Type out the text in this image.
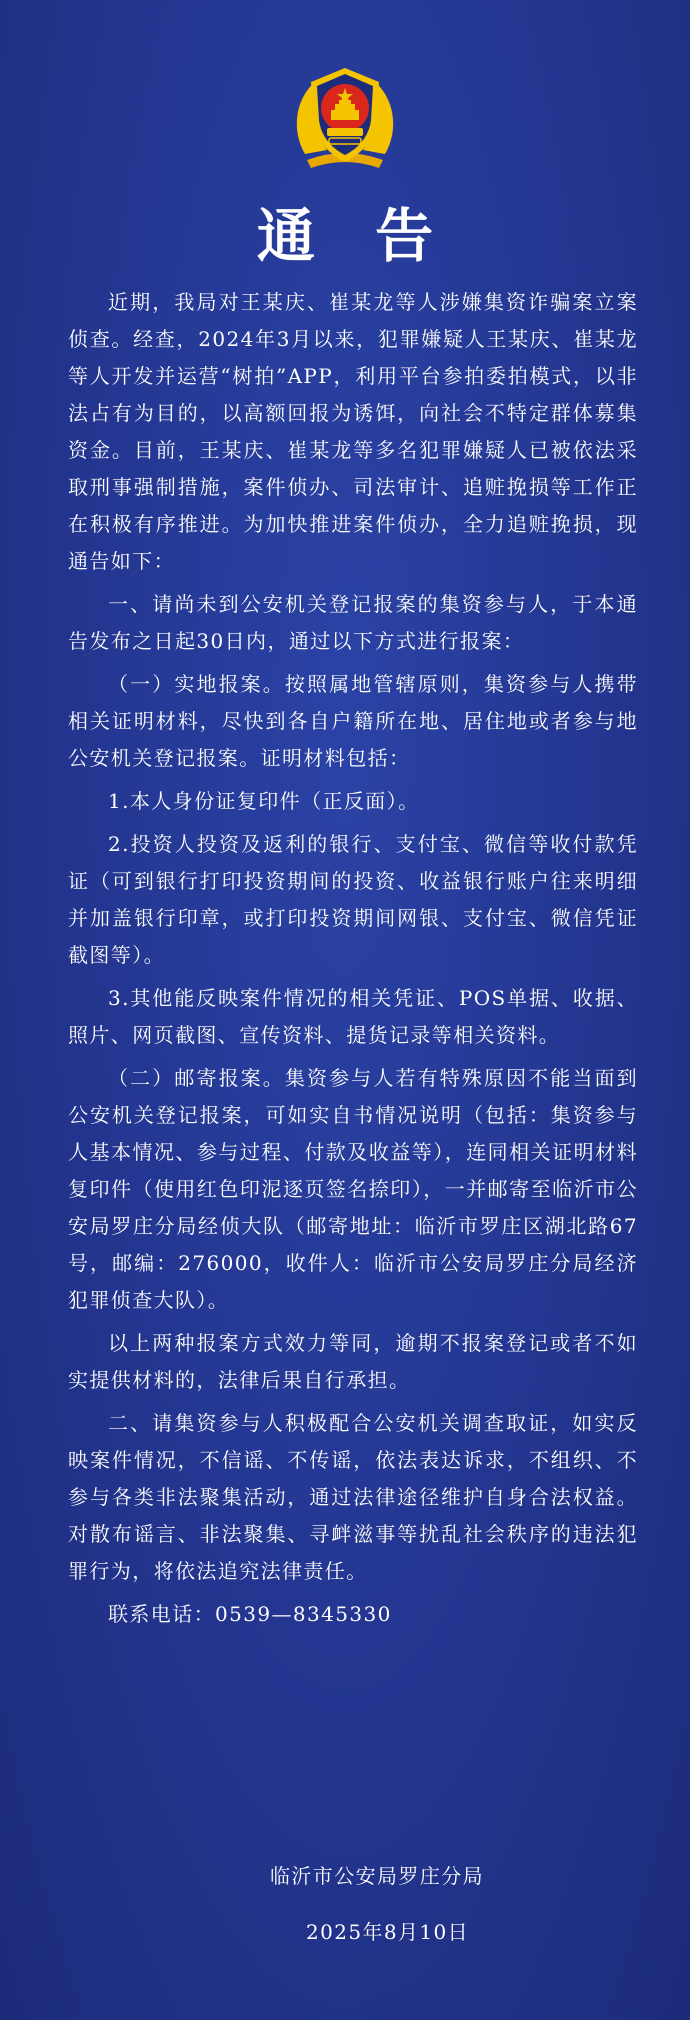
通 告

近期，我局对王某庆、崔某龙等人涉嫌集资诈骗案立案侦查。经查，2024年3月以来，犯罪嫌疑人王某庆、崔某龙等人开发并运营“树拍”APP，利用平台参拍委拍模式，以非法占有为目的，以高额回报为诱饵，向社会不特定群体募集资金。目前，王某庆、崔某龙等多名犯罪嫌疑人已被依法采取刑事强制措施，案件侦办、司法审计、追赃挽损等工作正在积极有序推进。为加快推进案件侦办，全力追赃挽损，现通告如下：

一、请尚未到公安机关登记报案的集资参与人，于本通告发布之日起30日内，通过以下方式进行报案：

（一）实地报案。按照属地管辖原则，集资参与人携带相关证明材料，尽快到各自户籍所在地、居住地或者参与地公安机关登记报案。证明材料包括：

1.本人身份证复印件（正反面）。

2.投资人投资及返利的银行、支付宝、微信等收付款凭证（可到银行打印投资期间的投资、收益银行账户往来明细并加盖银行印章，或打印投资期间网银、支付宝、微信凭证截图等）。

3.其他能反映案件情况的相关凭证、POS单据、收据、照片、网页截图、宣传资料、提货记录等相关资料。

（二）邮寄报案。集资参与人若有特殊原因不能当面到公安机关登记报案，可如实自书情况说明（包括：集资参与人基本情况、参与过程、付款及收益等），连同相关证明材料复印件（使用红色印泥逐页签名捺印），一并邮寄至临沂市公安局罗庄分局经侦大队（邮寄地址：临沂市罗庄区湖北路67号，邮编：276000，收件人：临沂市公安局罗庄分局经济犯罪侦查大队）。

以上两种报案方式效力等同，逾期不报案登记或者不如实提供材料的，法律后果自行承担。

二、请集资参与人积极配合公安机关调查取证，如实反映案件情况，不信谣、不传谣，依法表达诉求，不组织、不参与各类非法聚集活动，通过法律途径维护自身合法权益。对散布谣言、非法聚集、寻衅滋事等扰乱社会秩序的违法犯罪行为，将依法追究法律责任。

联系电话：0539—8345330

临沂市公安局罗庄分局
2025年8月10日
